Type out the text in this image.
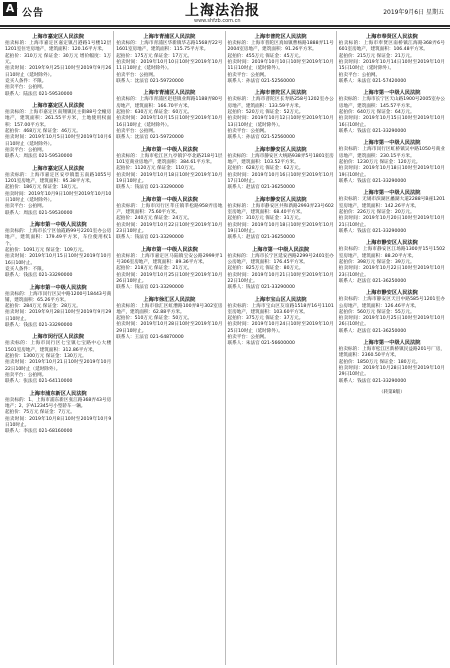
A
7 公告	上海法治报
www.shfzb.com.cn
2019年9月6日 星期五
上海市嘉定区人民法院
拍卖标的：上海市嘉定区嘉定镇吕港路1号楼12层1201室住宅房地产，建筑面积：120.16平方米。
起拍价：310万元 保证金：30万元 增价幅度：1万元。
拍卖时间：2019年9月25日10时至2019年9月26日10时止（延时除外）。
竞买人条件：不限。
拍卖平台：公拍网。
联系人：陆法官 021-59530000
上海市嘉定区人民法院
拍卖标的：上海市嘉定区南翔镇民主街88号全幢房地产，建筑面积：261.55平方米，土地使用权面积：157.00平方米。
起拍价：468万元 保证金：46万元。
拍卖时间：2019年10月5日10时至2019年10月6日10时止（延时除外）。
拍卖平台：公拍网。
联系人：周法官 021-59530000
上海市嘉定区人民法院
拍卖标的：上海市嘉定区安亭镇墨玉南路1055号1201室房地产，建筑面积：95.38平方米。
起拍价：186万元 保证金：18万元。
拍卖时间：2019年10月9日10时至2019年10月10日10时止（延时除外）。
拍卖平台：公拍网。
联系人：周法官 021-59530000
上海市第一中级人民法院
拍卖标的：上海市长宁区仙霞路99号2201室办公房地产，建筑面积：179.49平方米，车位使用权1个。
起拍价：1091万元 保证金：109万元。
拍卖时间：2019年10月15日10时至2019年10月16日10时止。
竞买人条件：不限。
联系人：钱法官 021-33290000
上海市第一中级人民法院
拍卖标的：上海市闵行区吴中路1200号18443号商铺，建筑面积：65.26平方米。
起拍价：284万元 保证金：28万元。
拍卖时间：2019年9月28日10时至2019年9月29日10时止。
联系人：钱法官 021-33290000
上海市闵行区人民法院
拍卖标的：上海市闵行区七宝镇七宝路中心大楼1501室房地产，建筑面积：312.86平方米。
起拍价：1300万元 保证金：130万元。
拍卖时间：2019年10月21日10时至2019年10月22日10时止（延时除外）。
拍卖平台：公拍网。
联系人：张法官 021-64110000
上海市浦东新区人民法院
拍卖标的：1、上海市浦东新区张江路368弄43号房地产；2、沪A12345号小型轿车一辆。
起拍价：75万元 保证金：7万元。
拍卖时间：2019年10月8日10时至2019年10月9日10时止。
联系人：李法官 021-68160000
上海市青浦区人民法院
拍卖标的：上海市青浦区华新镇华志路1568弄22号1601室房地产，建筑面积：115.75平方米。
起拍价：175万元 保证金：17万元。
拍卖时间：2019年10月10日10时至2019年10月11日10时止（延时除外）。
拍卖平台：公拍网。
联系人：沈法官 021-59720000
上海市青浦区人民法院
拍卖标的：上海市青浦区赵巷镇业辉路1188弄80号房地产，建筑面积：166.70平方米。
起拍价：630万元 保证金：60万元。
拍卖时间：2019年10月15日10时至2019年10月16日10时止（延时除外）。
拍卖平台：公拍网。
联系人：沈法官 021-59720000
上海市第一中级人民法院
拍卖标的：上海市松江区九亭镇沪亭北路218号1层101室商业房地产，建筑面积：384.61平方米。
起拍价：1120万元 保证金：110万元。
拍卖时间：2019年10月18日10时至2019年10月19日10时止。
联系人：钱法官 021-33290000
上海市第一中级人民法院
拍卖标的：上海市闵行区莘庄镇莘松路958弄房地产，建筑面积：75.60平方米。
起拍价：240万元 保证金：24万元。
拍卖时间：2019年10月22日10时至2019年10月23日10时止。
联系人：钱法官 021-33290000
上海市第一中级人民法院
拍卖标的：上海市嘉定区马陆镇宝安公路2999弄1号306室房地产，建筑面积：89.36平方米。
起拍价：218万元 保证金：21万元。
拍卖时间：2019年10月25日10时至2019年10月26日10时止。
联系人：钱法官 021-33290000
上海市徐汇区人民法院
拍卖标的：上海市徐汇区虹漕路100弄8号302室房地产，建筑面积：62.88平方米。
起拍价：510万元 保证金：50万元。
拍卖时间：2019年10月28日10时至2019年10月29日10时止。
联系人：王法官 021-64870000
上海市普陀区人民法院
拍卖标的：上海市普陀区真如镇曹杨路1888弄11号2004室房地产，建筑面积：91.26平方米。
起拍价：455万元 保证金：45万元。
拍卖时间：2019年10月10日10时至2019年10月11日10时止（延时除外）。
拍卖平台：公拍网。
联系人：孙法官 021-52560000
上海市普陀区人民法院
拍卖标的：上海市普陀区长寿路258号1202室办公房地产，建筑面积：133.59平方米。
起拍价：520万元 保证金：52万元。
拍卖时间：2019年10月12日10时至2019年10月13日10时止（延时除外）。
拍卖平台：公拍网。
联系人：孙法官 021-52560000
上海市静安区人民法院
拍卖标的：上海市静安区大统路938弄5号1801室房地产，建筑面积：103.52平方米。
起拍价：628万元 保证金：62万元。
拍卖时间：2019年10月16日10时至2019年10月17日10时止。
联系人：赵法官 021-36250000
上海市静安区人民法院
拍卖标的：上海市静安区共和新路2993弄23号602室房地产，建筑面积：68.40平方米。
起拍价：310万元 保证金：31万元。
拍卖时间：2019年10月18日10时至2019年10月19日10时止。
联系人：赵法官 021-36250000
上海市第一中级人民法院
拍卖标的：上海市长宁区延安西路2299号2401室办公房地产，建筑面积：176.45平方米。
起拍价：825万元 保证金：80万元。
拍卖时间：2019年10月21日10时至2019年10月22日10时止。
联系人：钱法官 021-33290000
上海市宝山区人民法院
拍卖标的：上海市宝山区友谊路1518弄16号1101室房地产，建筑面积：103.60平方米。
起拍价：375万元 保证金：37万元。
拍卖时间：2019年10月24日10时至2019年10月25日10时止（延时除外）。
拍卖平台：公拍网。
联系人：朱法官 021-56600000
上海市奉贤区人民法院
拍卖标的：上海市奉贤区南桥镇江海路368弄6号601室房地产，建筑面积：106.48平方米。
起拍价：215万元 保证金：21万元。
拍卖时间：2019年10月14日10时至2019年10月15日10时止（延时除外）。
拍卖平台：公拍网。
联系人：朱法官 021-57420000
上海市第一中级人民法院
拍卖标的：上海市长宁区天山路1900号2005室办公房地产，建筑面积：145.57平方米。
起拍价：640万元 保证金：64万元。
拍卖时间：2019年10月15日10时至2019年10月16日10时止。
联系人：钱法官 021-33290000
上海市第一中级人民法院
拍卖标的：上海市闵行区虹桥镇吴中路1050号商业房地产，建筑面积：230.15平方米。
起拍价：1230万元 保证金：120万元。
拍卖时间：2019年10月18日10时至2019年10月19日10时止。
联系人：钱法官 021-33290000
上海市第一中级人民法院
拍卖标的：无锡市滨湖区蠡湖大道2288号B座1201室房地产，建筑面积：142.26平方米。
起拍价：226万元 保证金：20万元。
拍卖时间：2019年10月20日10时至2019年10月21日10时止。
联系人：钱法官 021-33290000
上海市静安区人民法院
拍卖标的：上海市静安区江场路1300弄15号1502室房地产，建筑面积：88.20平方米。
起拍价：398万元 保证金：39万元。
拍卖时间：2019年10月22日10时至2019年10月23日10时止。
联系人：赵法官 021-36250000
上海市静安区人民法院
拍卖标的：上海市静安区天目中路585号1201室办公房地产，建筑面积：126.46平方米。
起拍价：560万元 保证金：55万元。
拍卖时间：2019年10月25日10时至2019年10月26日10时止。
联系人：赵法官 021-36250000
上海市第一中级人民法院
拍卖标的：上海市松江区新桥镇民益路201号厂房，建筑面积：2360.50平方米。
起拍价：1850万元 保证金：180万元。
拍卖时间：2019年10月28日10时至2019年10月29日10时止。
联系人：钱法官 021-33290000
（转第8版）
